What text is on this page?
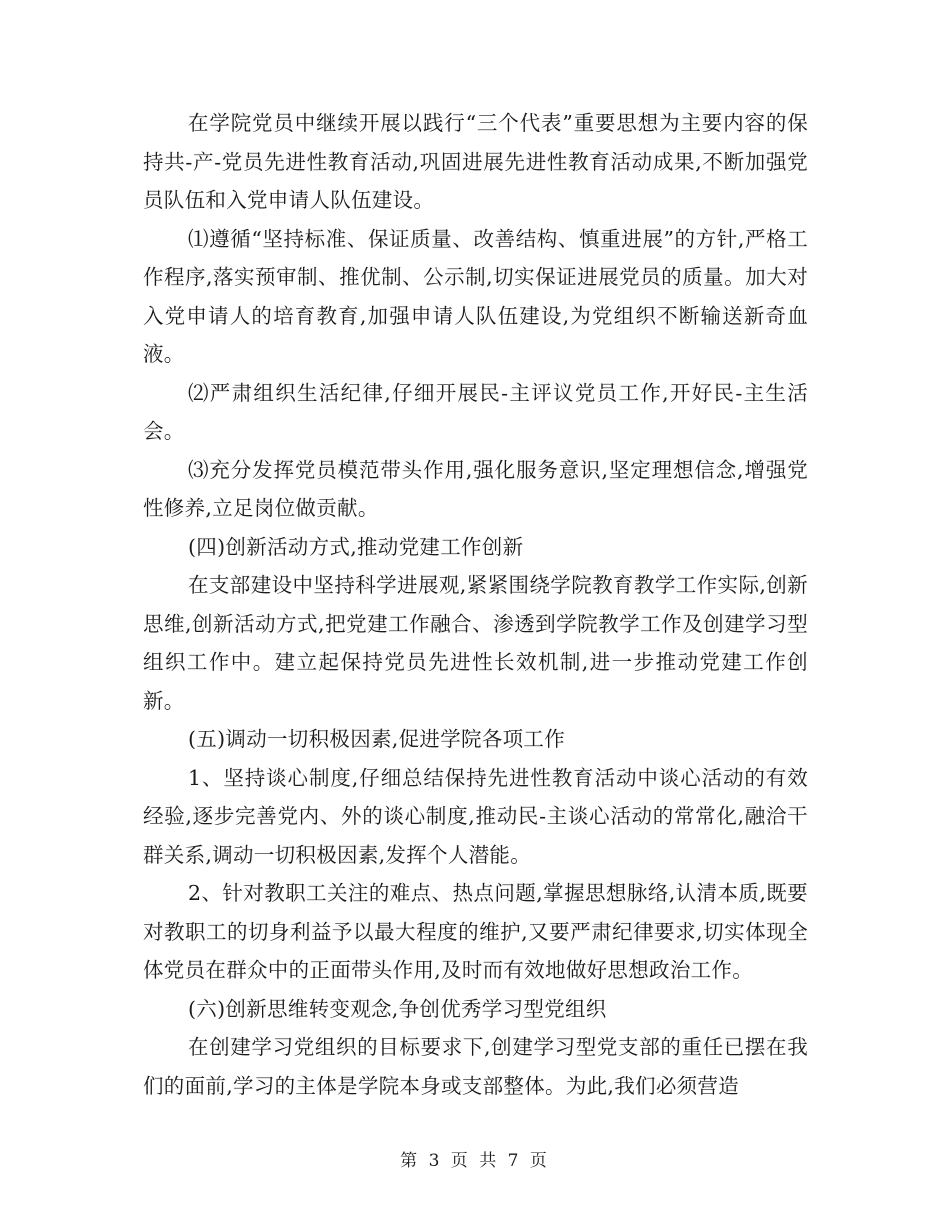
在学院党员中继续开展以践行“三个代表”重要思想为主要内容的保持共-产-党员先进性教育活动,巩固进展先进性教育活动成果,不断加强党员队伍和入党申请人队伍建设。

⑴遵循“坚持标准、保证质量、改善结构、慎重进展”的方针,严格工作程序,落实预审制、推优制、公示制,切实保证进展党员的质量。加大对入党申请人的培育教育,加强申请人队伍建设,为党组织不断输送新奇血液。

⑵严肃组织生活纪律,仔细开展民-主评议党员工作,开好民-主生活会。

⑶充分发挥党员模范带头作用,强化服务意识,坚定理想信念,增强党性修养,立足岗位做贡献。

(四)创新活动方式,推动党建工作创新

在支部建设中坚持科学进展观,紧紧围绕学院教育教学工作实际,创新思维,创新活动方式,把党建工作融合、渗透到学院教学工作及创建学习型组织工作中。建立起保持党员先进性长效机制,进一步推动党建工作创新。

(五)调动一切积极因素,促进学院各项工作

1、坚持谈心制度,仔细总结保持先进性教育活动中谈心活动的有效经验,逐步完善党内、外的谈心制度,推动民-主谈心活动的常常化,融洽干群关系,调动一切积极因素,发挥个人潜能。

2、针对教职工关注的难点、热点问题,掌握思想脉络,认清本质,既要对教职工的切身利益予以最大程度的维护,又要严肃纪律要求,切实体现全体党员在群众中的正面带头作用,及时而有效地做好思想政治工作。

(六)创新思维转变观念,争创优秀学习型党组织

在创建学习党组织的目标要求下,创建学习型党支部的重任已摆在我们的面前,学习的主体是学院本身或支部整体。为此,我们必须营造

第 3 页 共 7 页
